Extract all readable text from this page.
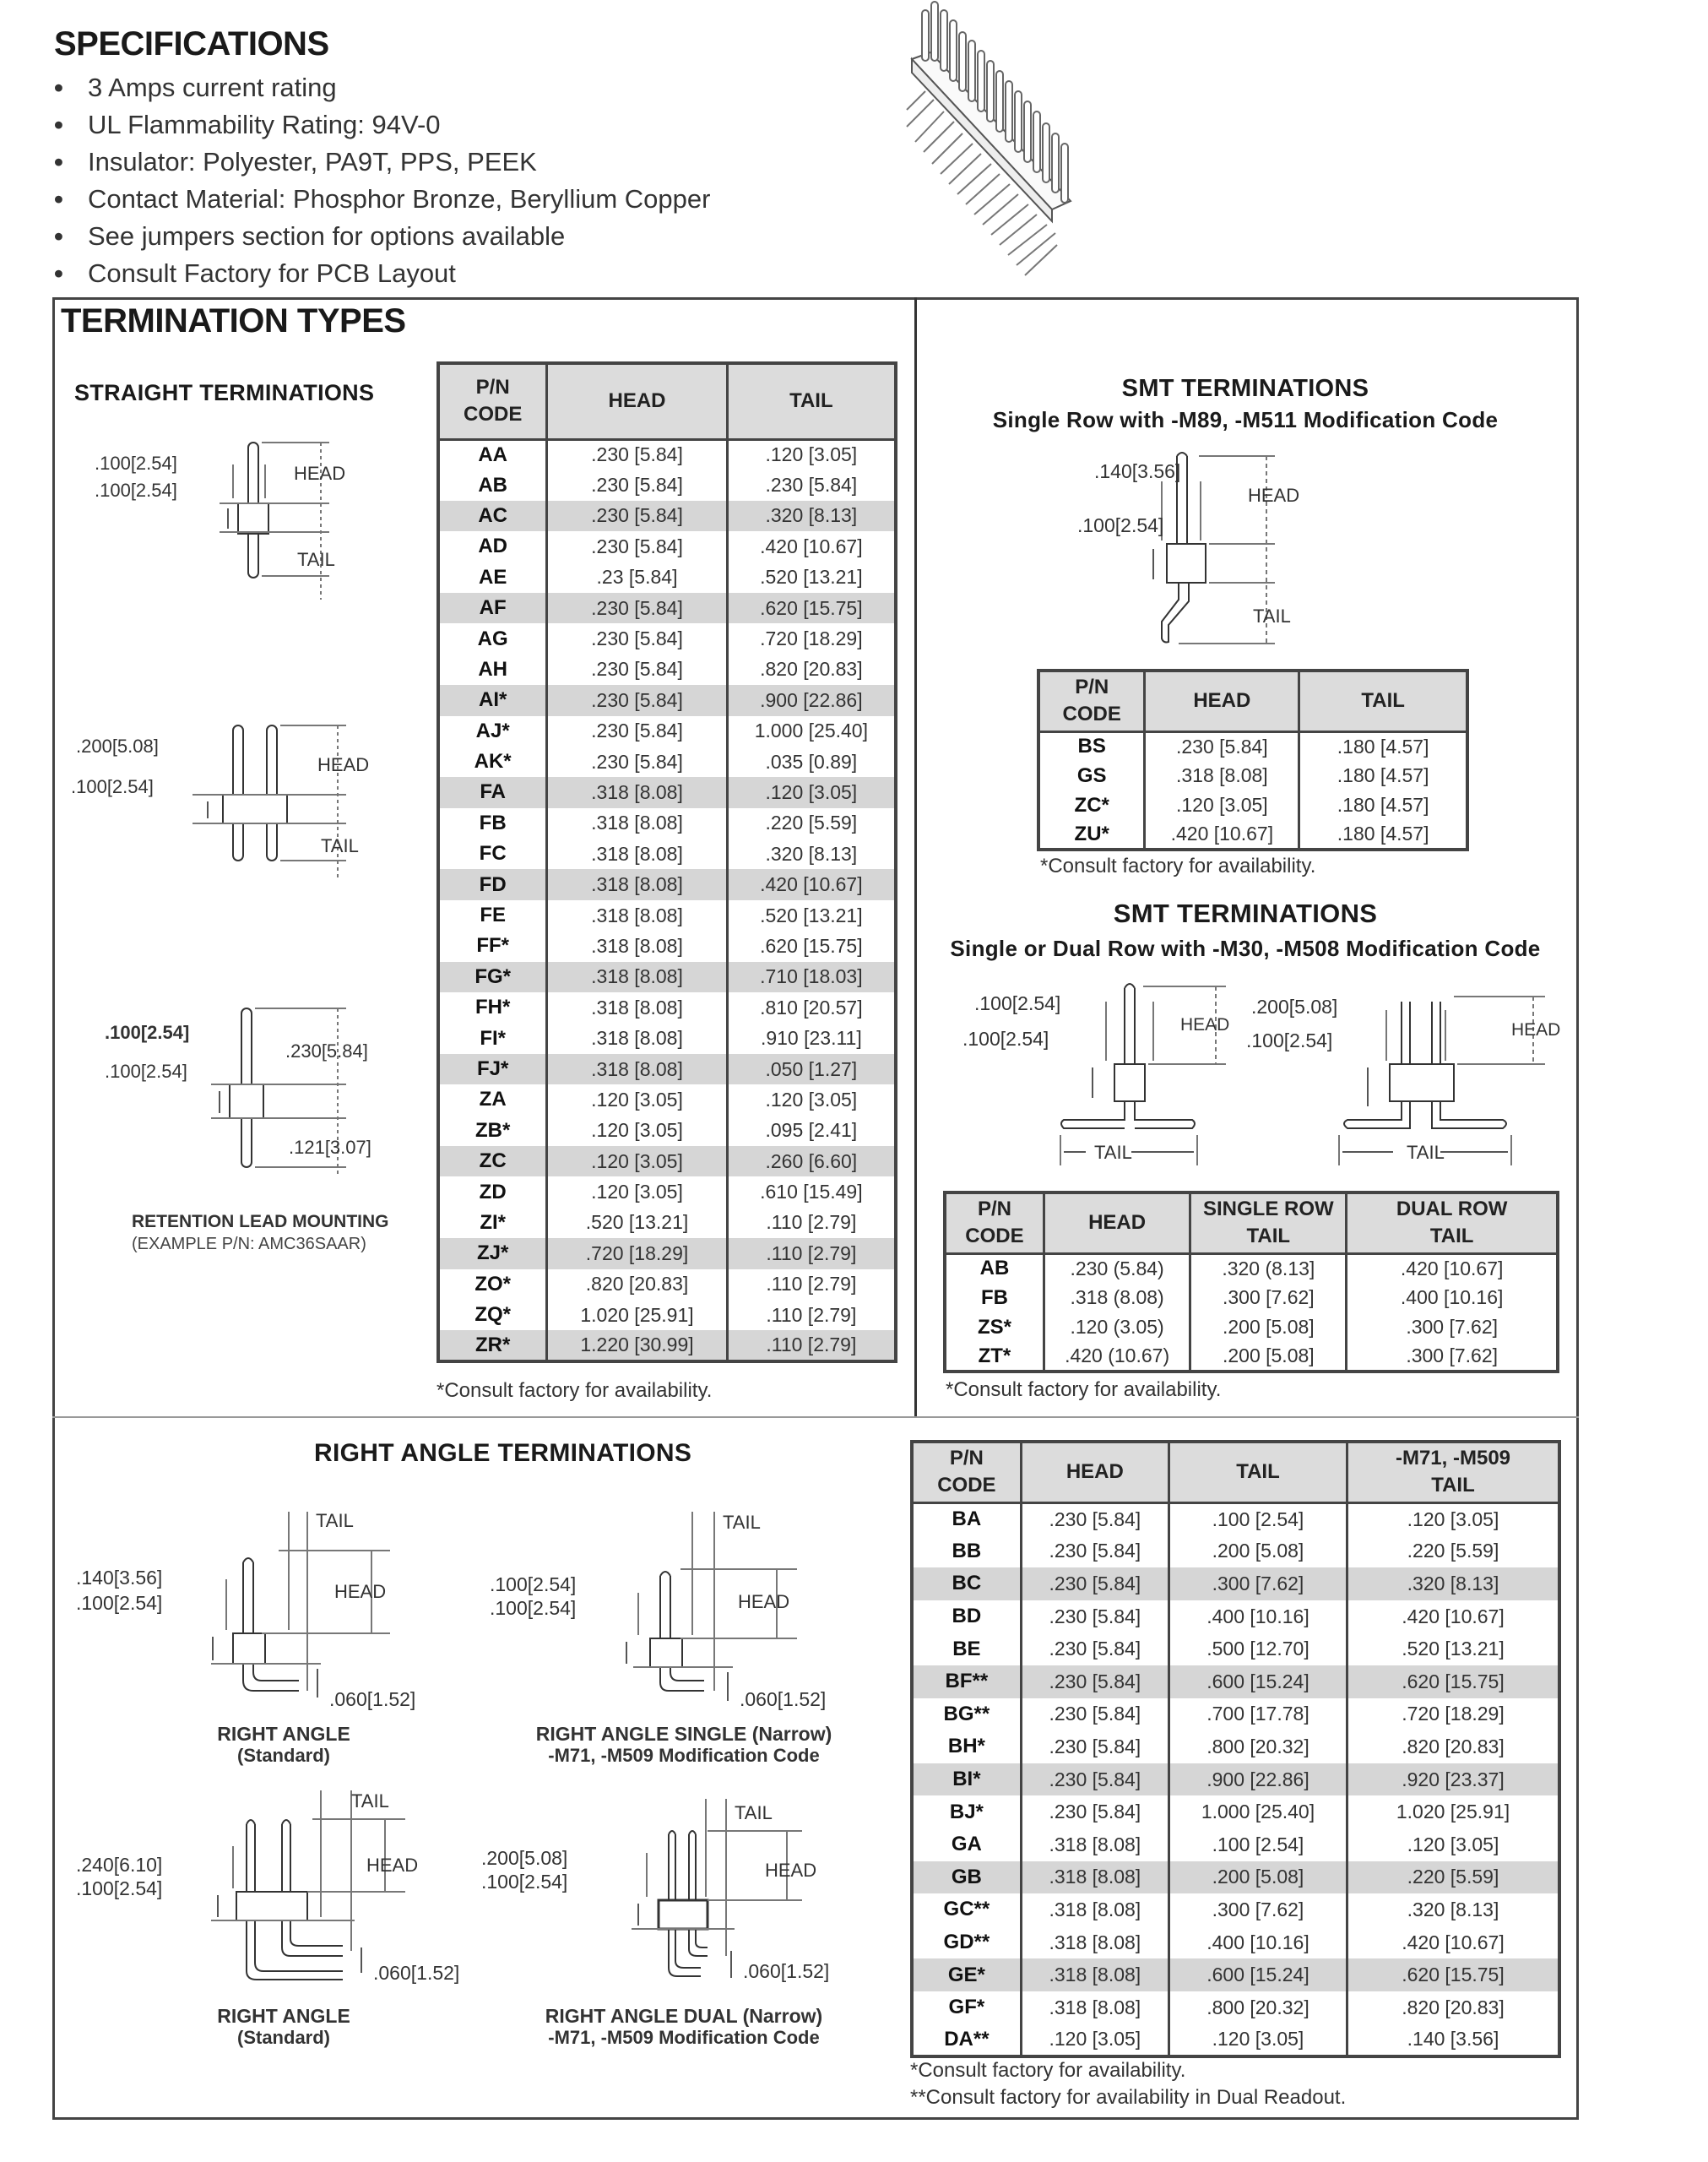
SPECIFICATIONS
• 3 Amps current rating
• UL Flammability Rating: 94V-0
• Insulator: Polyester, PA9T, PPS, PEEK
• Contact Material: Phosphor Bronze, Beryllium Copper
• See jumpers section for options available
• Consult Factory for PCB Layout
TERMINATION TYPES
STRAIGHT TERMINATIONS
.100[2.54]
.100[2.54]
HEAD
TAIL
.200[5.08]
.100[2.54]
HEAD
TAIL
.100[2.54]
.100[2.54]
.230[5.84]
.121[3.07]
RETENTION LEAD MOUNTING
(EXAMPLE P/N: AMC36SAAR)
P/N
CODE	HEAD	TAIL
AA	.230 [5.84]	.120 [3.05]
AB	.230 [5.84]	.230 [5.84]
AC	.230 [5.84]	.320 [8.13]
AD	.230 [5.84]	.420 [10.67]
AE	.23 [5.84]	.520 [13.21]
AF	.230 [5.84]	.620 [15.75]
AG	.230 [5.84]	.720 [18.29]
AH	.230 [5.84]	.820 [20.83]
AI*	.230 [5.84]	.900 [22.86]
AJ*	.230 [5.84]	1.000 [25.40]
AK*	.230 [5.84]	.035 [0.89]
FA	.318 [8.08]	.120 [3.05]
FB	.318 [8.08]	.220 [5.59]
FC	.318 [8.08]	.320 [8.13]
FD	.318 [8.08]	.420 [10.67]
FE	.318 [8.08]	.520 [13.21]
FF*	.318 [8.08]	.620 [15.75]
FG*	.318 [8.08]	.710 [18.03]
FH*	.318 [8.08]	.810 [20.57]
FI*	.318 [8.08]	.910 [23.11]
FJ*	.318 [8.08]	.050 [1.27]
ZA	.120 [3.05]	.120 [3.05]
ZB*	.120 [3.05]	.095 [2.41]
ZC	.120 [3.05]	.260 [6.60]
ZD	.120 [3.05]	.610 [15.49]
ZI*	.520 [13.21]	.110 [2.79]
ZJ*	.720 [18.29]	.110 [2.79]
ZO*	.820 [20.83]	.110 [2.79]
ZQ*	1.020 [25.91]	.110 [2.79]
ZR*	1.220 [30.99]	.110 [2.79]
*Consult factory for availability.
SMT TERMINATIONS
Single Row with -M89, -M511 Modification Code
.140[3.56]
.100[2.54]
HEAD
TAIL
P/N
CODE	HEAD	TAIL
BS	.230 [5.84]	.180 [4.57]
GS	.318 [8.08]	.180 [4.57]
ZC*	.120 [3.05]	.180 [4.57]
ZU*	.420 [10.67]	.180 [4.57]
*Consult factory for availability.
SMT TERMINATIONS
Single or Dual Row with -M30, -M508 Modification Code
.100[2.54]
.100[2.54]
HEAD
TAIL
.200[5.08]
.100[2.54]	HEAD
TAIL
P/N
CODE	HEAD	SINGLE ROW
TAIL	DUAL ROW
TAIL
AB	.230 (5.84)	.320 (8.13]	.420 [10.67]
FB	.318 (8.08)	.300 [7.62]	.400 [10.16]
ZS*	.120 (3.05)	.200 [5.08]	.300 [7.62]
ZT*	.420 (10.67)	.200 [5.08]	.300 [7.62]
*Consult factory for availability.
RIGHT ANGLE TERMINATIONS
TAIL
.140[3.56]
.100[2.54]
HEAD
.060[1.52]
RIGHT ANGLE
(Standard)
TAIL
.100[2.54]
.100[2.54]	HEAD
.060[1.52]
RIGHT ANGLE SINGLE (Narrow)
-M71, -M509 Modification Code
TAIL
.240[6.10]
.100[2.54]
HEAD
.060[1.52]
RIGHT ANGLE
(Standard)
TAIL
.200[5.08]
.100[2.54]
HEAD
.060[1.52]
RIGHT ANGLE DUAL (Narrow)
-M71, -M509 Modification Code
P/N
CODE	HEAD	TAIL	-M71, -M509
TAIL
BA	.230 [5.84]	.100 [2.54]	.120 [3.05]
BB	.230 [5.84]	.200 [5.08]	.220 [5.59]
BC	.230 [5.84]	.300 [7.62]	.320 [8.13]
BD	.230 [5.84]	.400 [10.16]	.420 [10.67]
BE	.230 [5.84]	.500 [12.70]	.520 [13.21]
BF**	.230 [5.84]	.600 [15.24]	.620 [15.75]
BG**	.230 [5.84]	.700 [17.78]	.720 [18.29]
BH*	.230 [5.84]	.800 [20.32]	.820 [20.83]
BI*	.230 [5.84]	.900 [22.86]	.920 [23.37]
BJ*	.230 [5.84]	1.000 [25.40]	1.020 [25.91]
GA	.318 [8.08]	.100 [2.54]	.120 [3.05]
GB	.318 [8.08]	.200 [5.08]	.220 [5.59]
GC**	.318 [8.08]	.300 [7.62]	.320 [8.13]
GD**	.318 [8.08]	.400 [10.16]	.420 [10.67]
GE*	.318 [8.08]	.600 [15.24]	.620 [15.75]
GF*	.318 [8.08]	.800 [20.32]	.820 [20.83]
DA**	.120 [3.05]	.120 [3.05]	.140 [3.56]
*Consult factory for availability.
**Consult factory for availability in Dual Readout.
